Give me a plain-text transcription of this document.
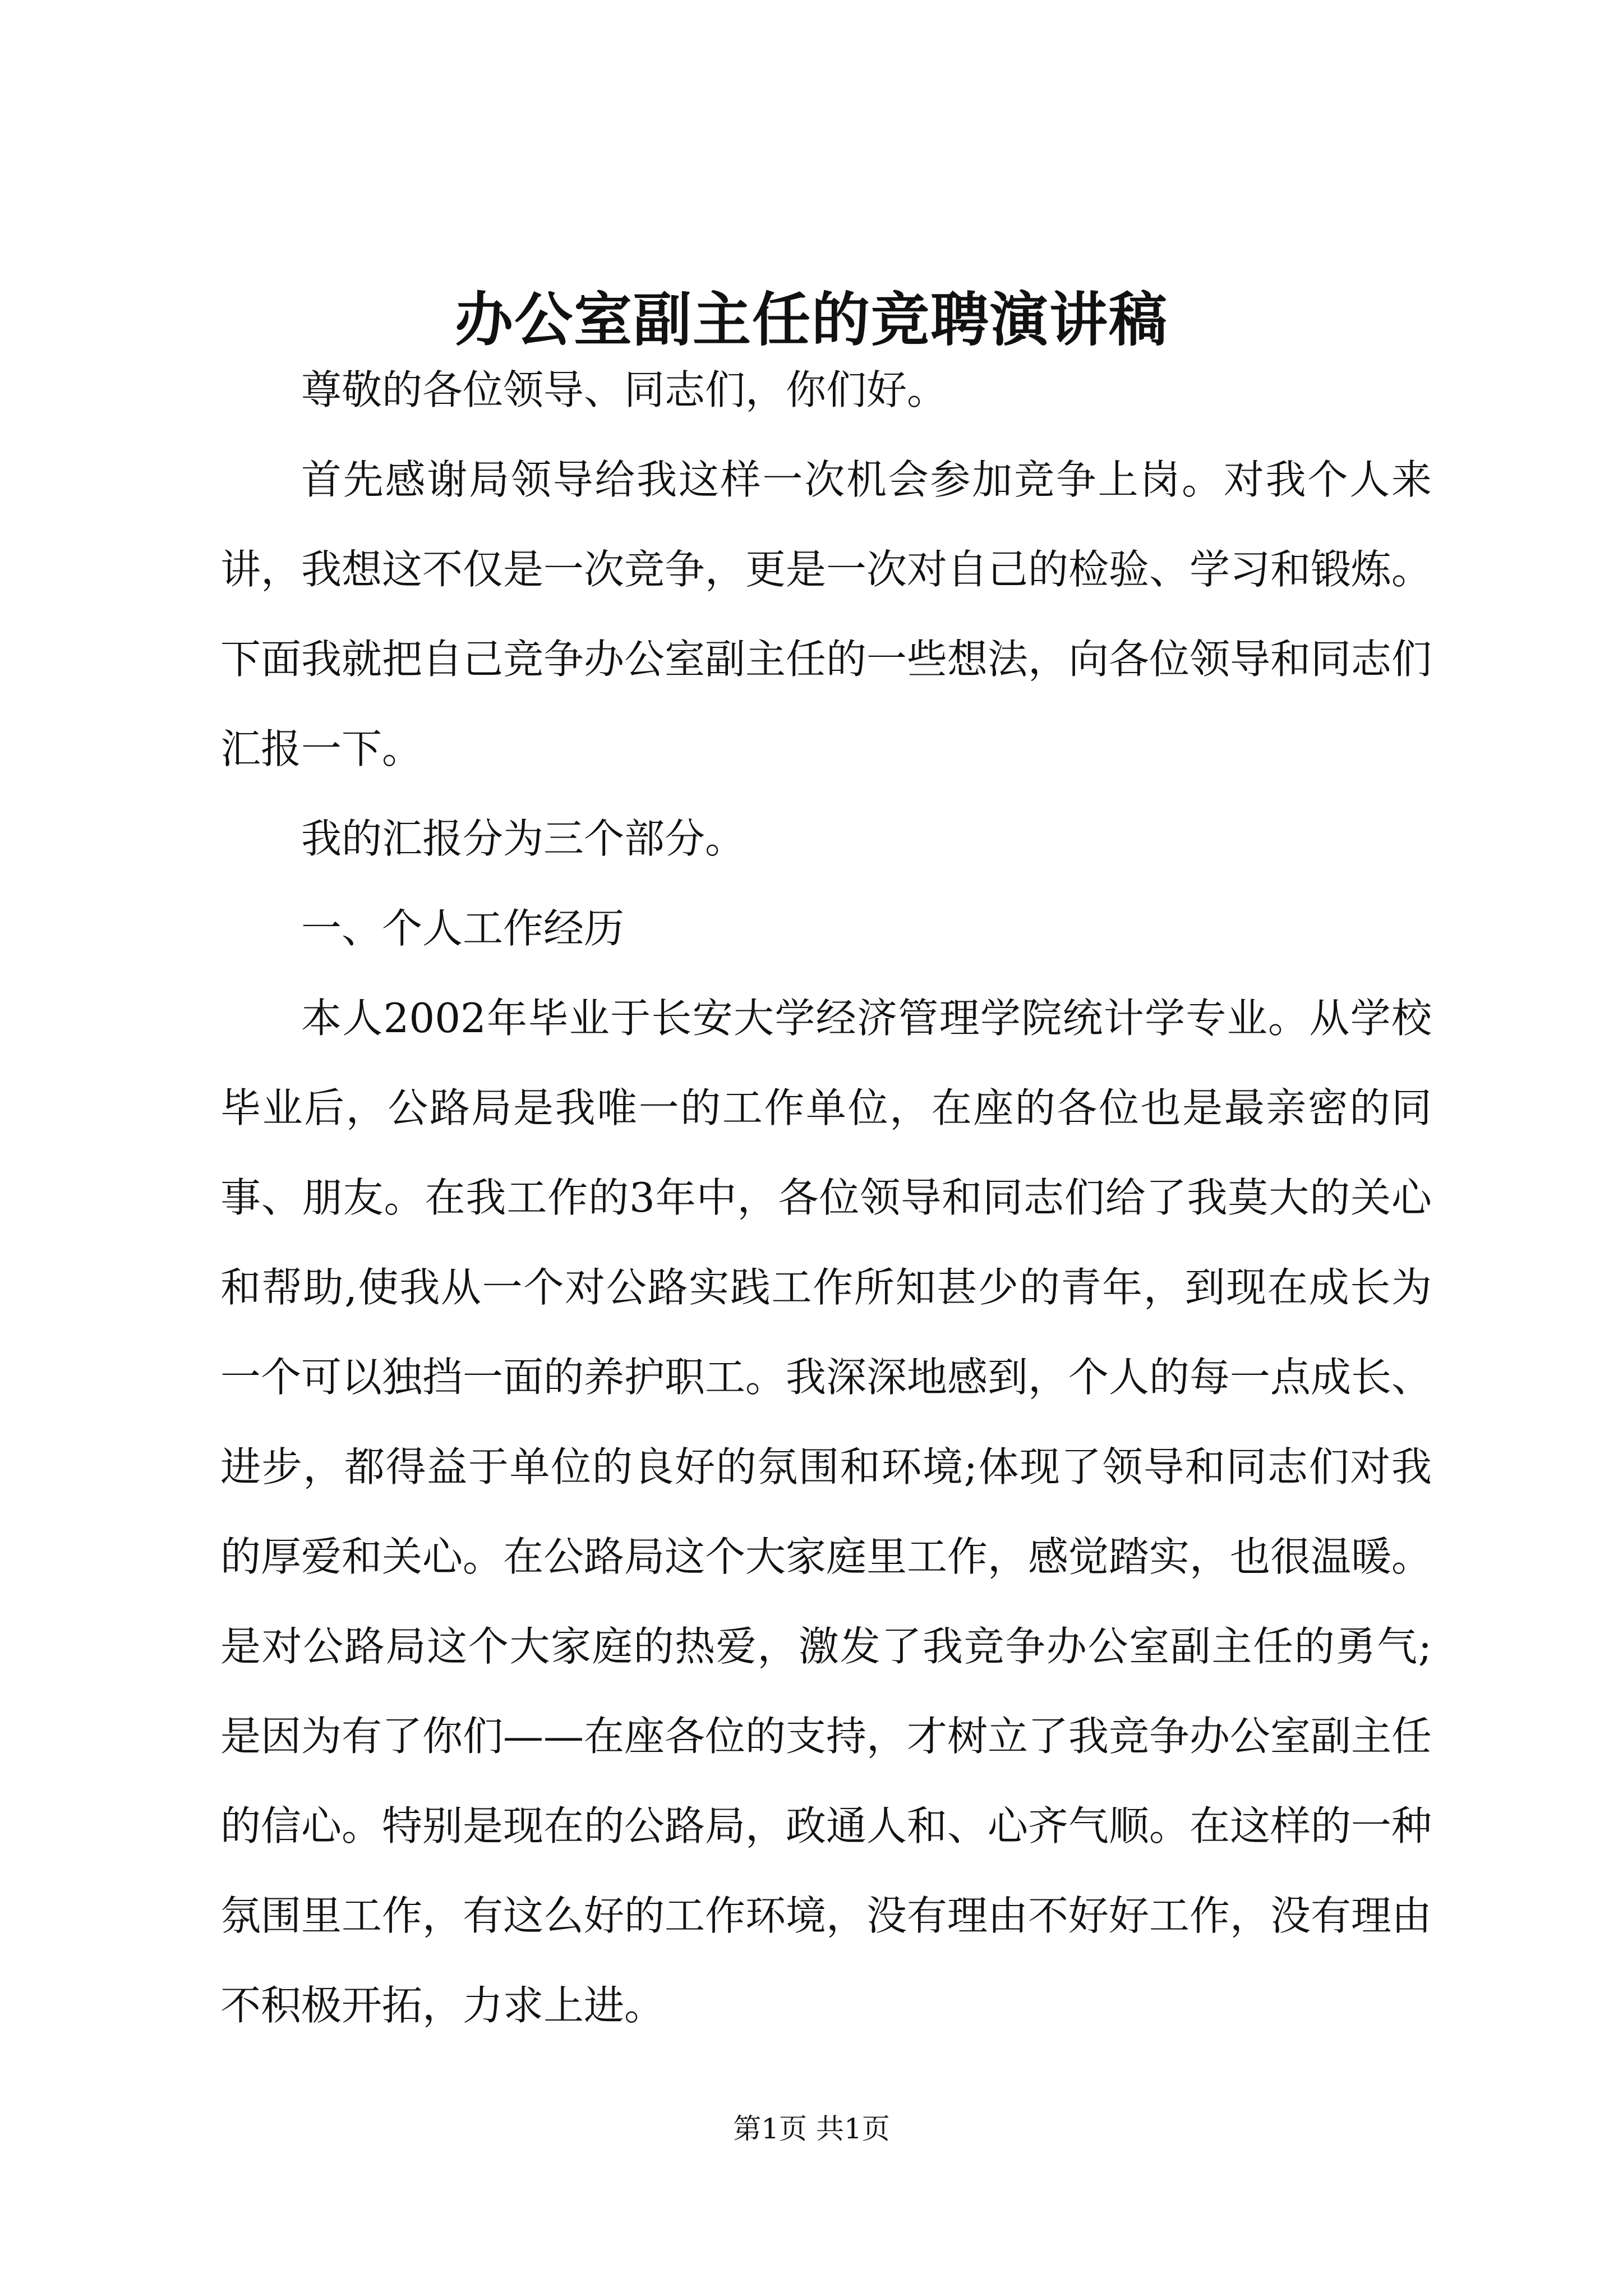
办公室副主任的竞聘演讲稿

尊敬的各位领导、同志们，你们好。

首先感谢局领导给我这样一次机会参加竞争上岗。对我个人来讲，我想这不仅是一次竞争，更是一次对自己的检验、学习和锻炼。下面我就把自己竞争办公室副主任的一些想法，向各位领导和同志们汇报一下。

我的汇报分为三个部分。

一、个人工作经历

本人2002年毕业于长安大学经济管理学院统计学专业。从学校毕业后，公路局是我唯一的工作单位，在座的各位也是最亲密的同事、朋友。在我工作的3年中，各位领导和同志们给了我莫大的关心和帮助,使我从一个对公路实践工作所知甚少的青年，到现在成长为一个可以独挡一面的养护职工。我深深地感到，个人的每一点成长、进步，都得益于单位的良好的氛围和环境;体现了领导和同志们对我的厚爱和关心。在公路局这个大家庭里工作，感觉踏实，也很温暖。是对公路局这个大家庭的热爱，激发了我竞争办公室副主任的勇气;是因为有了你们——在座各位的支持，才树立了我竞争办公室副主任的信心。特别是现在的公路局，政通人和、心齐气顺。在这样的一种氛围里工作，有这么好的工作环境，没有理由不好好工作，没有理由不积极开拓，力求上进。

第1页 共1页
